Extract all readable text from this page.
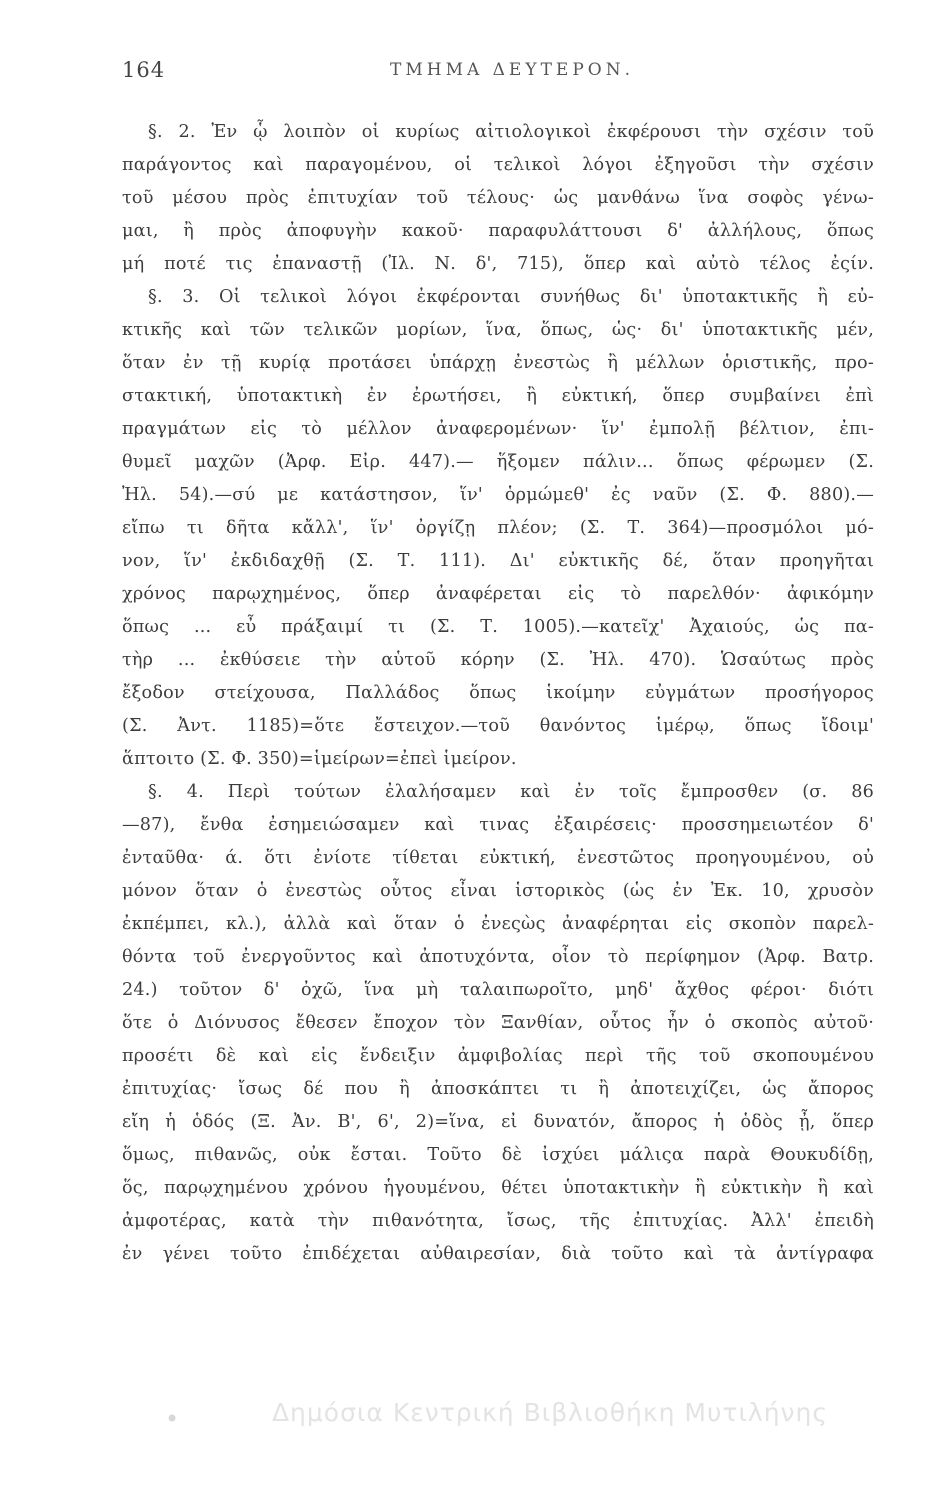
164	ΤΜΗΜΑ ΔΕΥΤΕΡΟΝ.
§. 2. Ἐν ᾧ λοιπὸν οἱ κυρίως αἰτιολογικοὶ ἐκφέρουσι τὴν σχέσιν τοῦ
παράγοντος καὶ παραγομένου, οἱ τελικοὶ λόγοι ἐξηγοῦσι τὴν σχέσιν
τοῦ μέσου πρὸς ἐπιτυχίαν τοῦ τέλους· ὡς μανθάνω ἵνα σοφὸς γένω-
μαι, ἢ πρὸς ἀποφυγὴν κακοῦ· παραφυλάττουσι δ' ἀλλήλους, ὅπως
μή ποτέ τις ἐπαναστῇ (Ἰλ. Ν. δ', 715), ὅπερ καὶ αὐτὸ τέλος ἐςίν.
§. 3. Οἱ τελικοὶ λόγοι ἐκφέρονται συνήθως δι' ὑποτακτικῆς ἢ εὐ-
κτικῆς καὶ τῶν τελικῶν μορίων, ἵνα, ὅπως, ὡς· δι' ὑποτακτικῆς μέν,
ὅταν ἐν τῇ κυρίᾳ προτάσει ὑπάρχῃ ἐνεστὼς ἢ μέλλων ὁριστικῆς, προ-
στακτική, ὑποτακτικὴ ἐν ἐρωτήσει, ἢ εὐκτική, ὅπερ συμβαίνει ἐπὶ
πραγμάτων εἰς τὸ μέλλον ἀναφερομένων· ἵν' ἐμπολῇ βέλτιον, ἐπι-
θυμεῖ μαχῶν (Ἀρφ. Εἰρ. 447).— ἥξομεν πάλιν... ὅπως φέρωμεν (Σ.
Ἠλ. 54).—σύ με κατάστησον, ἵν' ὁρμώμεθ' ἐς ναῦν (Σ. Φ. 880).—
εἴπω τι δῆτα κἄλλ', ἵν' ὀργίζῃ πλέον; (Σ. Τ. 364)—προσμόλοι μό-
νον, ἵν' ἐκδιδαχθῇ (Σ. Τ. 111). Δι' εὐκτικῆς δέ, ὅταν προηγῆται
χρόνος παρῳχημένος, ὅπερ ἀναφέρεται εἰς τὸ παρελθόν· ἀφικόμην
ὅπως ... εὖ πράξαιμί τι (Σ. Τ. 1005).—κατεῖχ' Ἀχαιούς, ὡς πα-
τὴρ ... ἐκθύσειε τὴν αὑτοῦ κόρην (Σ. Ἠλ. 470). Ὡσαύτως πρὸς
ἔξοδον στείχουσα, Παλλάδος ὅπως ἱκοίμην εὐγμάτων προσήγορος
(Σ. Ἀντ. 1185)=ὅτε ἔστειχον.—τοῦ θανόντος ἱμέρῳ, ὅπως ἴδοιμ'
ἅπτοιτο (Σ. Φ. 350)=ἱμείρων=ἐπεὶ ἱμείρον.
§. 4. Περὶ τούτων ἐλαλήσαμεν καὶ ἐν τοῖς ἔμπροσθεν (σ. 86
—87), ἔνθα ἐσημειώσαμεν καὶ τινας ἐξαιρέσεις· προσσημειωτέον δ'
ἐνταῦθα· ά. ὅτι ἐνίοτε τίθεται εὐκτική, ἐνεστῶτος προηγουμένου, οὐ
μόνον ὅταν ὁ ἐνεστὼς οὗτος εἶναι ἱστορικὸς (ὡς ἐν Ἐκ. 10, χρυσὸν
ἐκπέμπει, κλ.), ἀλλὰ καὶ ὅταν ὁ ἐνεςὼς ἀναφέρηται εἰς σκοπὸν παρελ-
θόντα τοῦ ἐνεργοῦντος καὶ ἀποτυχόντα, οἷον τὸ περίφημον (Ἀρφ. Βατρ.
24.) τοῦτον δ' ὀχῶ, ἵνα μὴ ταλαιπωροῖτο, μηδ' ἄχθος φέροι· διότι
ὅτε ὁ Διόνυσος ἔθεσεν ἔποχον τὸν Ξανθίαν, οὗτος ἦν ὁ σκοπὸς αὐτοῦ·
προσέτι δὲ καὶ εἰς ἔνδειξιν ἀμφιβολίας περὶ τῆς τοῦ σκοπουμένου
ἐπιτυχίας· ἴσως δέ που ἢ ἀποσκάπτει τι ἢ ἀποτειχίζει, ὡς ἄπορος
εἴη ἡ ὁδός (Ξ. Ἀν. Β', 6', 2)=ἵνα, εἰ δυνατόν, ἄπορος ἡ ὁδὸς ᾖ, ὅπερ
ὅμως, πιθανῶς, οὐκ ἔσται. Τοῦτο δὲ ἰσχύει μάλιςα παρὰ Θουκυδίδῃ,
ὅς, παρῳχημένου χρόνου ἡγουμένου, θέτει ὑποτακτικὴν ἢ εὐκτικὴν ἢ καὶ
ἀμφοτέρας, κατὰ τὴν πιθανότητα, ἴσως, τῆς ἐπιτυχίας. Ἀλλ' ἐπειδὴ
ἐν γένει τοῦτο ἐπιδέχεται αὐθαιρεσίαν, διὰ τοῦτο καὶ τὰ ἀντίγραφα
•	Δημόσια Κεντρική Βιβλιοθήκη Μυτιλήνης
